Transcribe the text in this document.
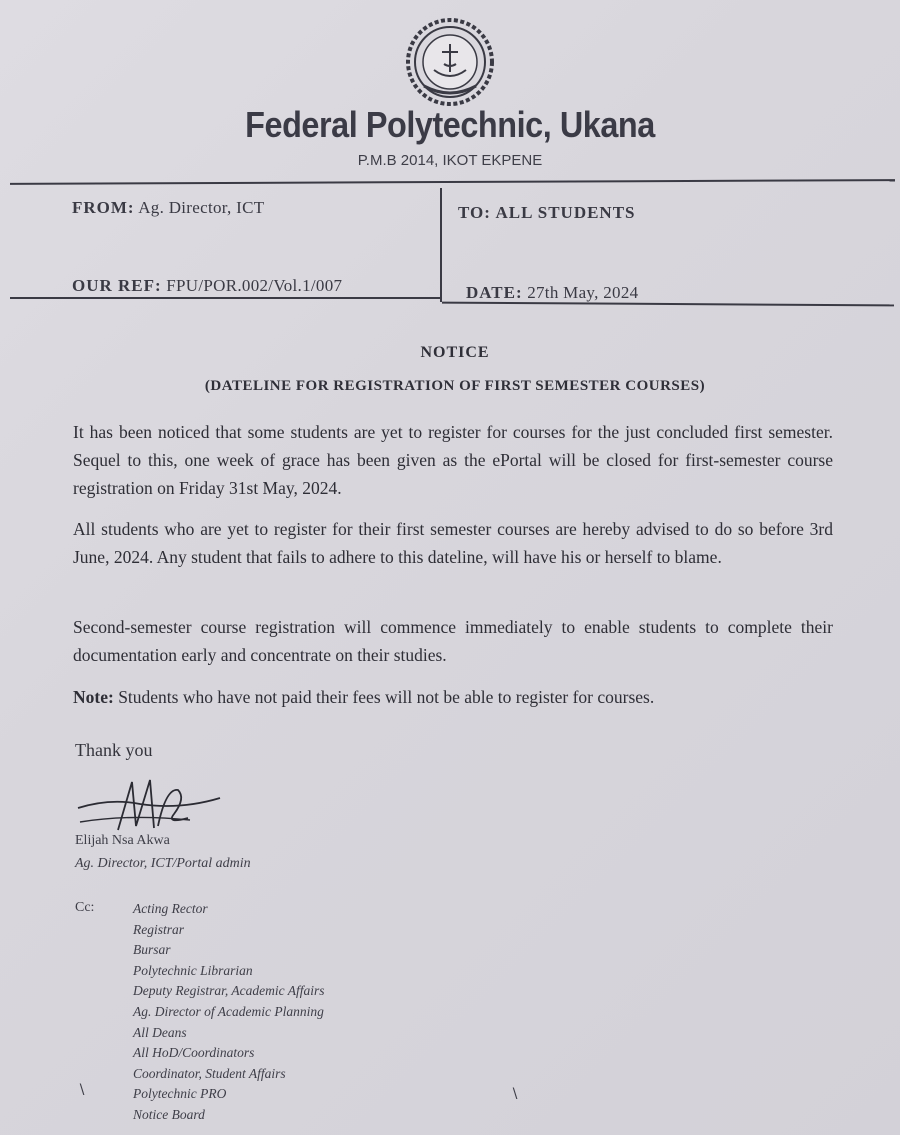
Federal Polytechnic, Ukana
P.M.B 2014, IKOT EKPENE
FROM: Ag. Director, ICT	TO: ALL STUDENTS
OUR REF: FPU/POR.002/Vol.1/007	DATE: 27th May, 2024
NOTICE
(DATELINE FOR REGISTRATION OF FIRST SEMESTER COURSES)

It has been noticed that some students are yet to register for courses for the just concluded first semester. Sequel to this, one week of grace has been given as the ePortal will be closed for first-semester course registration on Friday 31st May, 2024.

All students who are yet to register for their first semester courses are hereby advised to do so before 3rd June, 2024. Any student that fails to adhere to this dateline, will have his or herself to blame.

Second-semester course registration will commence immediately to enable students to complete their documentation early and concentrate on their studies.

Note: Students who have not paid their fees will not be able to register for courses.

Thank you
Elijah Nsa Akwa
Ag. Director, ICT/Portal admin
Cc:	Acting Rector
Registrar
Bursar
Polytechnic Librarian
Deputy Registrar, Academic Affairs
Ag. Director of Academic Planning
All Deans
All HoD/Coordinators
Coordinator, Student Affairs
Polytechnic PRO
Notice Board
∖	∖
